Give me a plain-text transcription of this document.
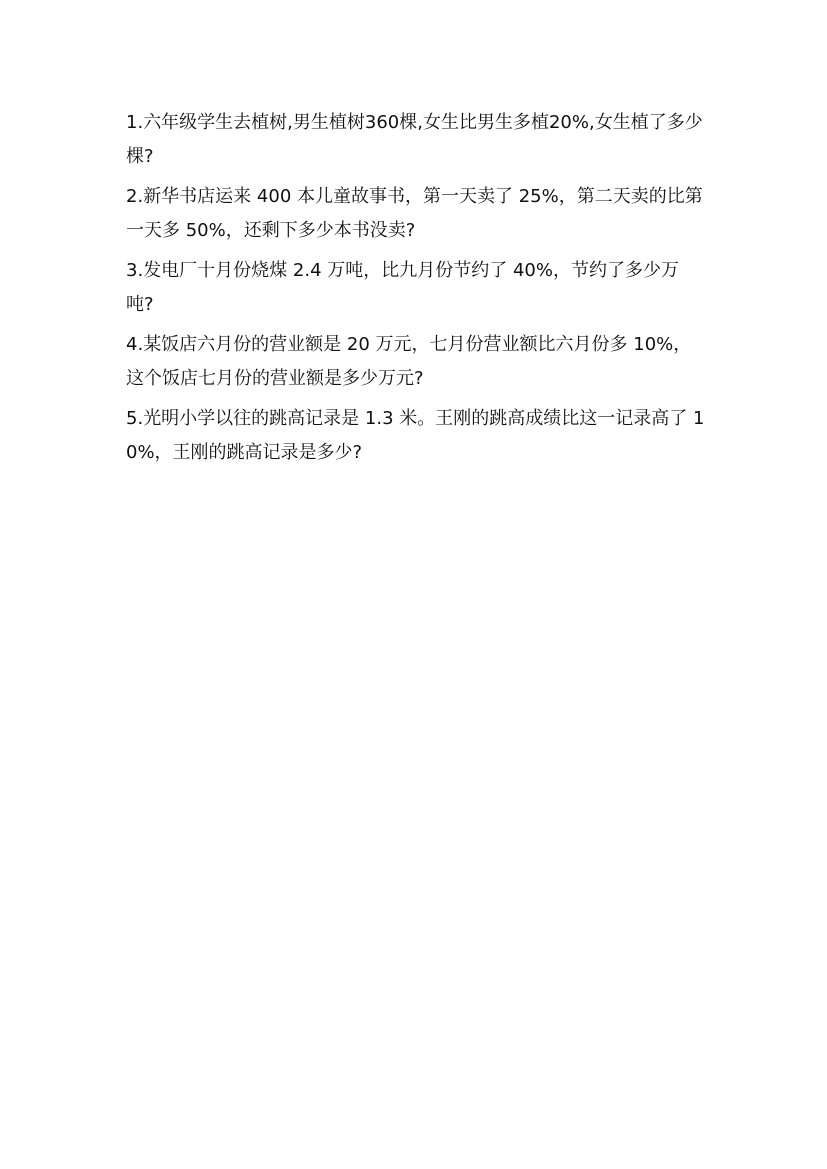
1.六年级学生去植树,男生植树360棵,女生比男生多植20%,女生植了多少棵?

2.新华书店运来 400 本儿童故事书，第一天卖了 25%，第二天卖的比第一天多 50%，还剩下多少本书没卖?

3.发电厂十月份烧煤 2.4 万吨，比九月份节约了 40%，节约了多少万吨?

4.某饭店六月份的营业额是 20 万元，七月份营业额比六月份多 10%，这个饭店七月份的营业额是多少万元?

5.光明小学以往的跳高记录是 1.3 米。王刚的跳高成绩比这一记录高了 10%，王刚的跳高记录是多少?
